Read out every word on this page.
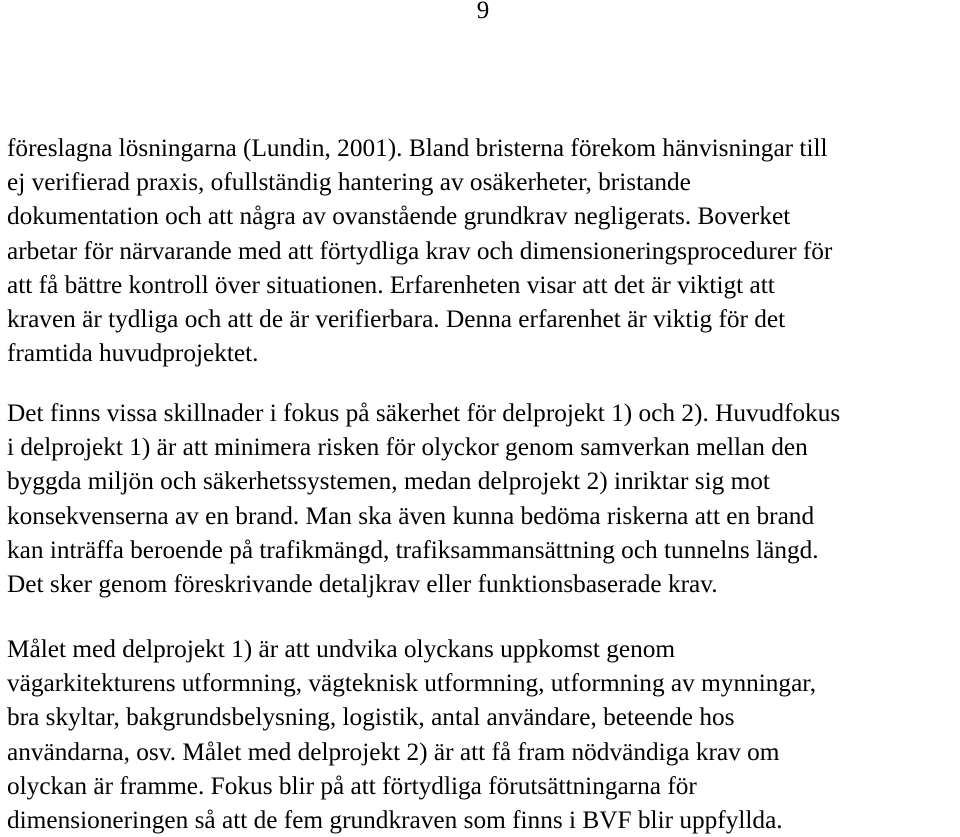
9
föreslagna lösningarna (Lundin, 2001). Bland bristerna förekom hänvisningar till
ej verifierad praxis, ofullständig hantering av osäkerheter, bristande
dokumentation och att några av ovanstående grundkrav negligerats. Boverket
arbetar för närvarande med att förtydliga krav och dimensioneringsprocedurer för
att få bättre kontroll över situationen. Erfarenheten visar att det är viktigt att
kraven är tydliga och att de är verifierbara. Denna erfarenhet är viktig för det
framtida huvudprojektet.
Det finns vissa skillnader i fokus på säkerhet för delprojekt 1) och 2). Huvudfokus
i delprojekt 1) är att minimera risken för olyckor genom samverkan mellan den
byggda miljön och säkerhetssystemen, medan delprojekt 2) inriktar sig mot
konsekvenserna av en brand. Man ska även kunna bedöma riskerna att en brand
kan inträffa beroende på trafikmängd, trafiksammansättning och tunnelns längd.
Det sker genom föreskrivande detaljkrav eller funktionsbaserade krav.
Målet med delprojekt 1) är att undvika olyckans uppkomst genom
vägarkitekturens utformning, vägteknisk utformning, utformning av mynningar,
bra skyltar, bakgrundsbelysning, logistik, antal användare, beteende hos
användarna, osv. Målet med delprojekt 2) är att få fram nödvändiga krav om
olyckan är framme. Fokus blir på att förtydliga förutsättningarna för
dimensioneringen så att de fem grundkraven som finns i BVF blir uppfyllda.
